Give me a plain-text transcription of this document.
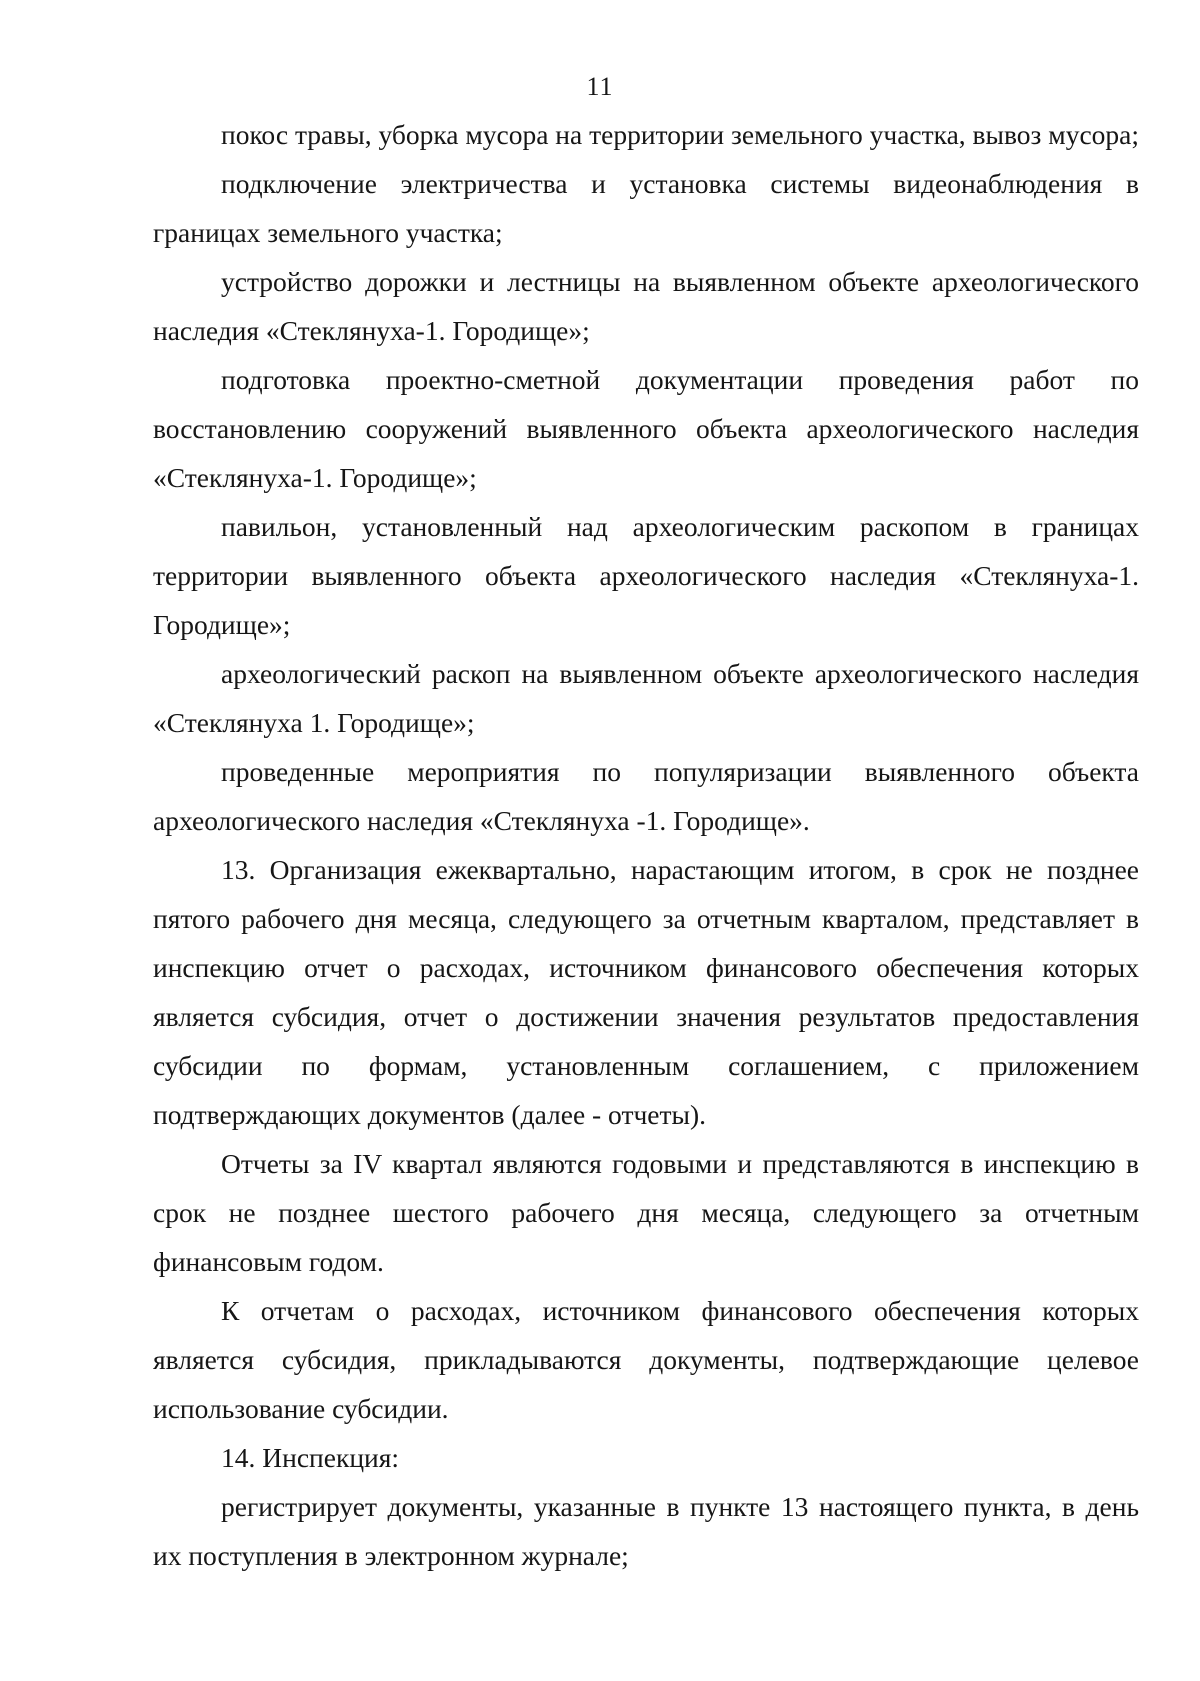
11

покос травы, уборка мусора на территории земельного участка, вывоз мусора;

подключение электричества и установка системы видеонаблюдения в границах земельного участка;

устройство дорожки и лестницы на выявленном объекте археологического наследия «Стеклянуха-1. Городище»;

подготовка проектно-сметной документации проведения работ по восстановлению сооружений выявленного объекта археологического наследия «Стеклянуха-1. Городище»;

павильон, установленный над археологическим раскопом в границах территории выявленного объекта археологического наследия «Стеклянуха-1. Городище»;

археологический раскоп на выявленном объекте археологического наследия «Стеклянуха 1. Городище»;

проведенные мероприятия по популяризации выявленного объекта археологического наследия «Стеклянуха -1. Городище».

13. Организация ежеквартально, нарастающим итогом, в срок не позднее пятого рабочего дня месяца, следующего за отчетным кварталом, представляет в инспекцию отчет о расходах, источником финансового обеспечения которых является субсидия, отчет о достижении значения результатов предоставления субсидии по формам, установленным соглашением, с приложением подтверждающих документов (далее - отчеты).

Отчеты за IV квартал являются годовыми и представляются в инспекцию в срок не позднее шестого рабочего дня месяца, следующего за отчетным финансовым годом.

К отчетам о расходах, источником финансового обеспечения которых является субсидия, прикладываются документы, подтверждающие целевое использование субсидии.

14. Инспекция:

регистрирует документы, указанные в пункте 13 настоящего пункта, в день их поступления в электронном журнале;
